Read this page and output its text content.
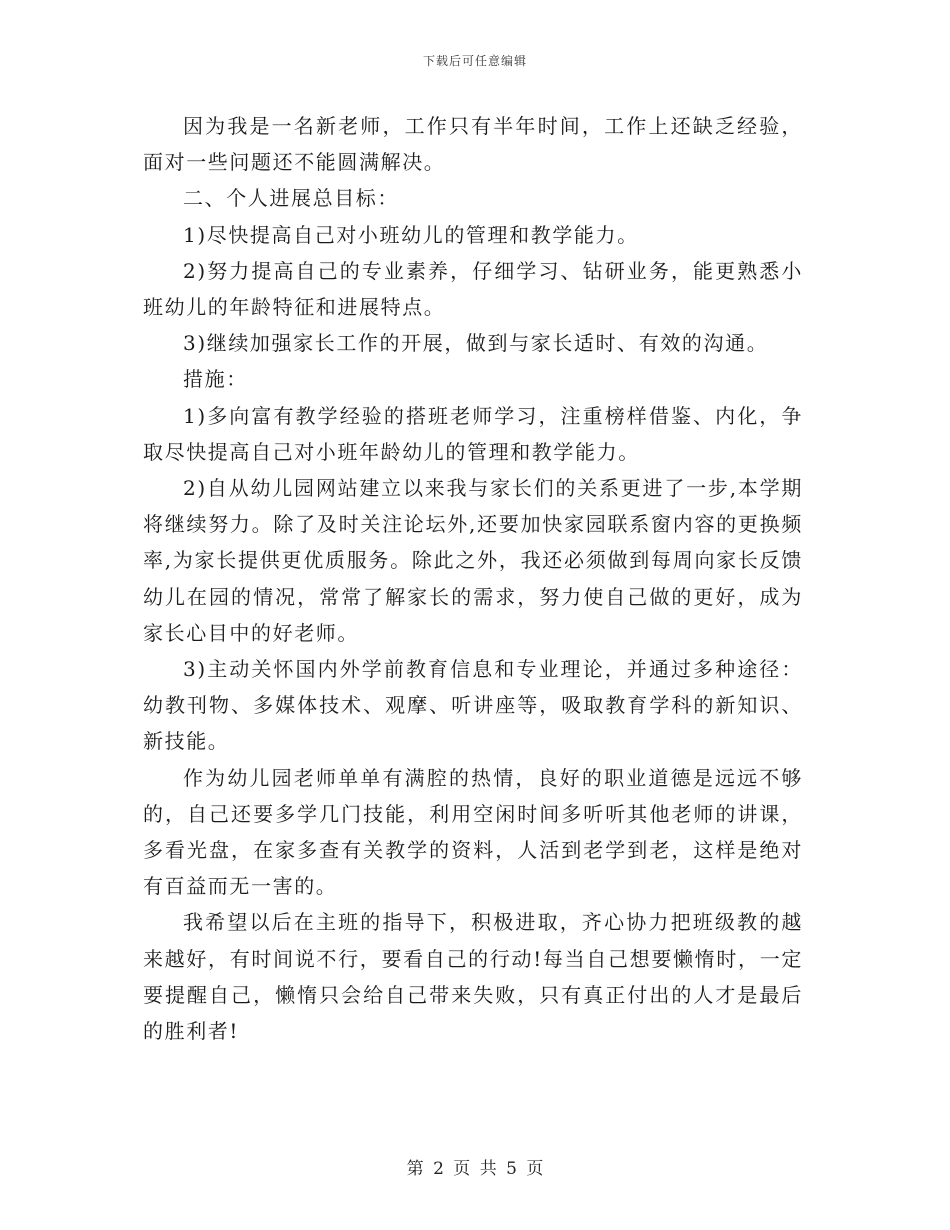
下载后可任意编辑

因为我是一名新老师，工作只有半年时间，工作上还缺乏经验，面对一些问题还不能圆满解决。

二、个人进展总目标：

1)尽快提高自己对小班幼儿的管理和教学能力。

2)努力提高自己的专业素养，仔细学习、钻研业务，能更熟悉小班幼儿的年龄特征和进展特点。

3)继续加强家长工作的开展，做到与家长适时、有效的沟通。

措施：

1)多向富有教学经验的搭班老师学习，注重榜样借鉴、内化，争取尽快提高自己对小班年龄幼儿的管理和教学能力。

2)自从幼儿园网站建立以来我与家长们的关系更进了一步,本学期将继续努力。除了及时关注论坛外,还要加快家园联系窗内容的更换频率,为家长提供更优质服务。除此之外，我还必须做到每周向家长反馈幼儿在园的情况，常常了解家长的需求，努力使自己做的更好，成为家长心目中的好老师。

3)主动关怀国内外学前教育信息和专业理论，并通过多种途径：幼教刊物、多媒体技术、观摩、听讲座等，吸取教育学科的新知识、新技能。

作为幼儿园老师单单有满腔的热情，良好的职业道德是远远不够的，自己还要多学几门技能，利用空闲时间多听听其他老师的讲课，多看光盘，在家多查有关教学的资料，人活到老学到老，这样是绝对有百益而无一害的。

我希望以后在主班的指导下，积极进取，齐心协力把班级教的越来越好，有时间说不行，要看自己的行动!每当自己想要懒惰时，一定要提醒自己，懒惰只会给自己带来失败，只有真正付出的人才是最后的胜利者!

第 2 页 共 5 页
